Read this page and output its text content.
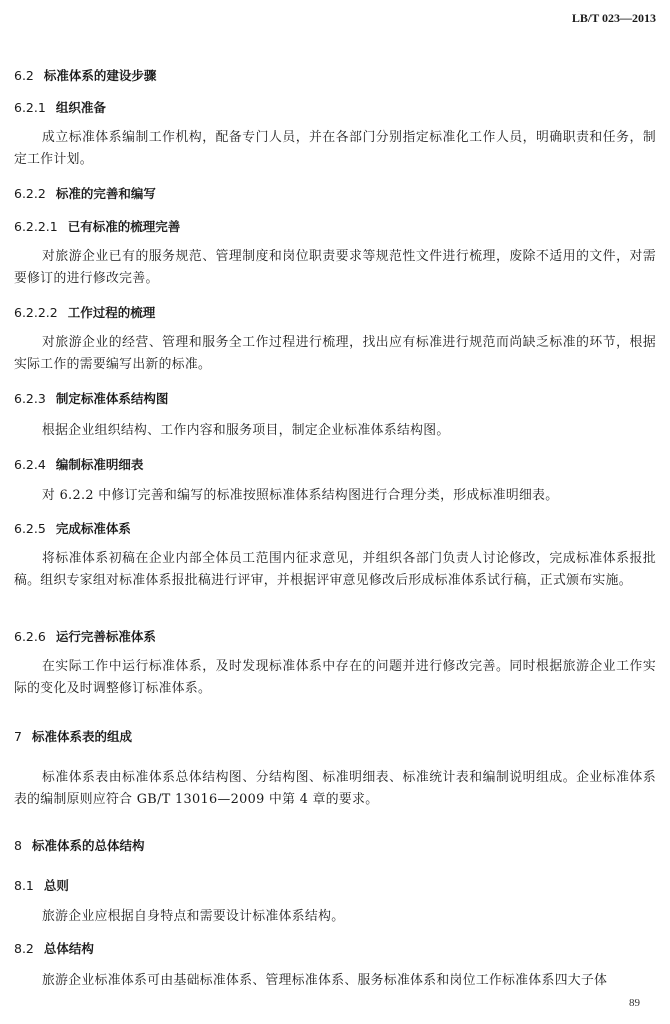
LB/T 023—2013
6.2 标准体系的建设步骤
6.2.1 组织准备
成立标准体系编制工作机构，配备专门人员，并在各部门分别指定标准化工作人员，明确职责和任务，制定工作计划。
6.2.2 标准的完善和编写
6.2.2.1 已有标准的梳理完善
对旅游企业已有的服务规范、管理制度和岗位职责要求等规范性文件进行梳理，废除不适用的文件，对需要修订的进行修改完善。
6.2.2.2 工作过程的梳理
对旅游企业的经营、管理和服务全工作过程进行梳理，找出应有标准进行规范而尚缺乏标准的环节，根据实际工作的需要编写出新的标准。
6.2.3 制定标准体系结构图
根据企业组织结构、工作内容和服务项目，制定企业标准体系结构图。
6.2.4 编制标准明细表
对 6.2.2 中修订完善和编写的标准按照标准体系结构图进行合理分类，形成标准明细表。
6.2.5 完成标准体系
将标准体系初稿在企业内部全体员工范围内征求意见，并组织各部门负责人讨论修改，完成标准体系报批稿。组织专家组对标准体系报批稿进行评审，并根据评审意见修改后形成标准体系试行稿，正式颁布实施。
6.2.6 运行完善标准体系
在实际工作中运行标准体系，及时发现标准体系中存在的问题并进行修改完善。同时根据旅游企业工作实际的变化及时调整修订标准体系。
7 标准体系表的组成
标准体系表由标准体系总体结构图、分结构图、标准明细表、标准统计表和编制说明组成。企业标准体系表的编制原则应符合 GB/T 13016—2009 中第 4 章的要求。
8 标准体系的总体结构
8.1 总则
旅游企业应根据自身特点和需要设计标准体系结构。
8.2 总体结构
旅游企业标准体系可由基础标准体系、管理标准体系、服务标准体系和岗位工作标准体系四大子体
89
